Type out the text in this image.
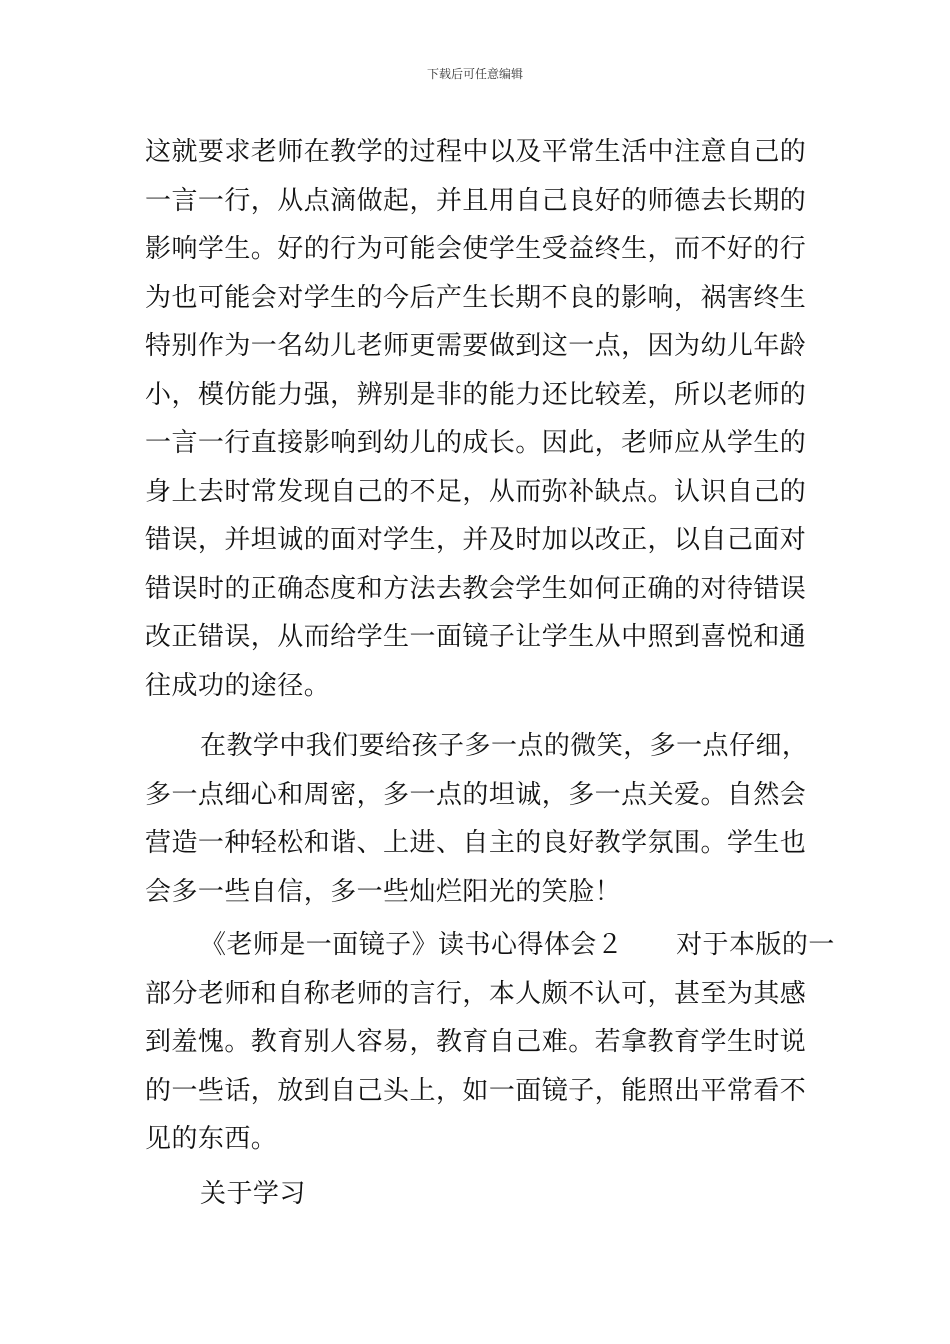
下载后可任意编辑

这就要求老师在教学的过程中以及平常生活中注意自己的
一言一行，从点滴做起，并且用自己良好的师德去长期的
影响学生。好的行为可能会使学生受益终生，而不好的行
为也可能会对学生的今后产生长期不良的影响，祸害终生
特别作为一名幼儿老师更需要做到这一点，因为幼儿年龄
小，模仿能力强，辨别是非的能力还比较差，所以老师的
一言一行直接影响到幼儿的成长。因此，老师应从学生的
身上去时常发现自己的不足，从而弥补缺点。认识自己的
错误，并坦诚的面对学生，并及时加以改正，以自己面对
错误时的正确态度和方法去教会学生如何正确的对待错误
改正错误，从而给学生一面镜子让学生从中照到喜悦和通
往成功的途径。

在教学中我们要给孩子多一点的微笑，多一点仔细，
多一点细心和周密，多一点的坦诚，多一点关爱。自然会
营造一种轻松和谐、上进、自主的良好教学氛围。学生也
会多一些自信，多一些灿烂阳光的笑脸！

《老师是一面镜子》读书心得体会２　　对于本版的一
部分老师和自称老师的言行，本人颇不认可，甚至为其感
到羞愧。教育别人容易，教育自己难。若拿教育学生时说
的一些话，放到自己头上，如一面镜子，能照出平常看不
见的东西。

关于学习
